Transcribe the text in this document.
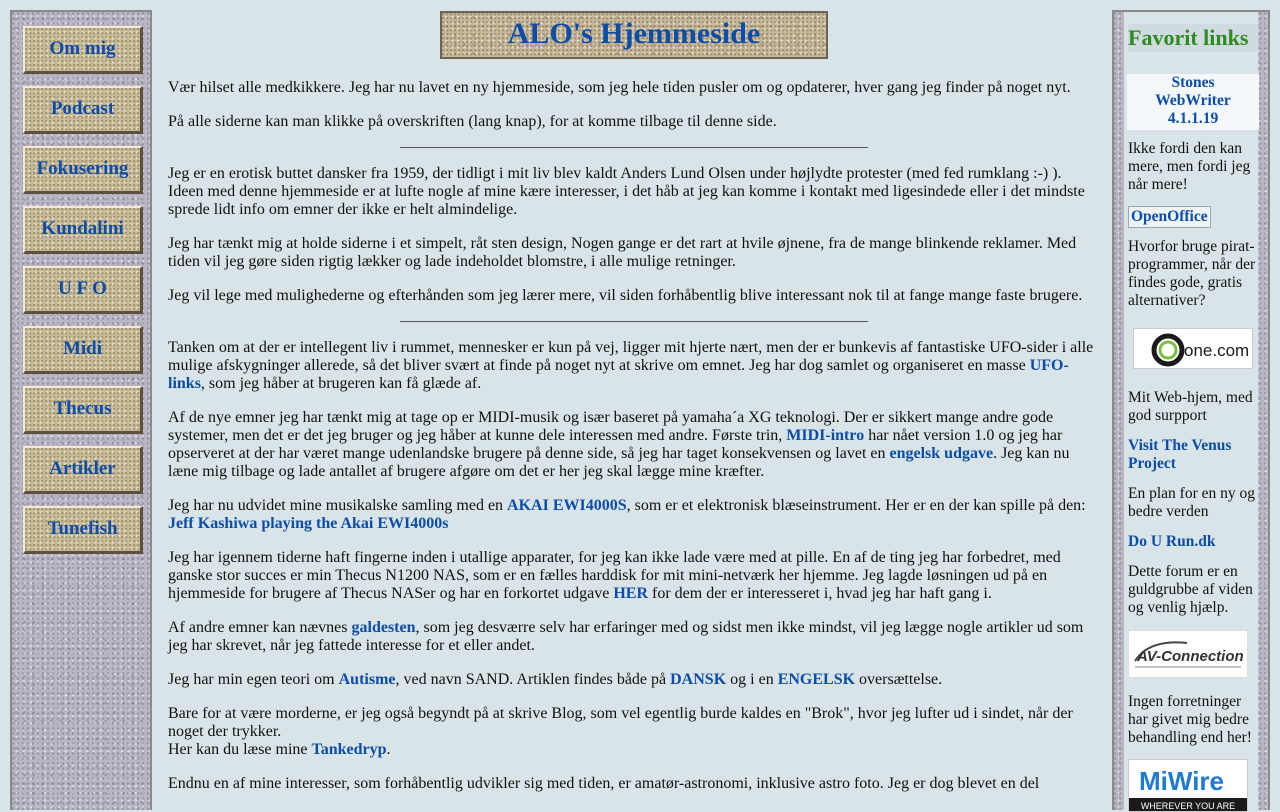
Om mig
Podcast
Fokusering
Kundalini
U F O
Midi
Thecus
Artikler
Tunefish
ALO's Hjemmeside

Vær hilset alle medkikkere. Jeg har nu lavet en ny hjemmeside, som jeg hele tiden pusler om og opdaterer, hver gang jeg finder på noget nyt.

På alle siderne kan man klikke på overskriften (lang knap), for at komme tilbage til denne side.

Jeg er en erotisk buttet dansker fra 1959, der tidligt i mit liv blev kaldt Anders Lund Olsen under højlydte protester (med fed rumklang :-) ). Ideen med denne hjemmeside er at lufte nogle af mine kære interesser, i det håb at jeg kan komme i kontakt med ligesindede eller i det mindste sprede lidt info om emner der ikke er helt almindelige.

Jeg har tænkt mig at holde siderne i et simpelt, råt sten design, Nogen gange er det rart at hvile øjnene, fra de mange blinkende reklamer. Med tiden vil jeg gøre siden rigtig lækker og lade indeholdet blomstre, i alle mulige retninger.

Jeg vil lege med mulighederne og efterhånden som jeg lærer mere, vil siden forhåbentlig blive interessant nok til at fange mange faste brugere.

Tanken om at der er intellegent liv i rummet, mennesker er kun på vej, ligger mit hjerte nært, men der er bunkevis af fantastiske UFO-sider i alle mulige afskygninger allerede, så det bliver svært at finde på noget nyt at skrive om emnet. Jeg har dog samlet og organiseret en masse UFO-links, som jeg håber at brugeren kan få glæde af.

Af de nye emner jeg har tænkt mig at tage op er MIDI-musik og især baseret på yamaha´a XG teknologi. Der er sikkert mange andre gode systemer, men det er det jeg bruger og jeg håber at kunne dele interessen med andre. Første trin, MIDI-intro har nået version 1.0 og jeg har opserveret at der har været mange udenlandske brugere på denne side, så jeg har taget konsekvensen og lavet en engelsk udgave. Jeg kan nu læne mig tilbage og lade antallet af brugere afgøre om det er her jeg skal lægge mine kræfter.

Jeg har nu udvidet mine musikalske samling med en AKAI EWI4000S, som er et elektronisk blæseinstrument. Her er en der kan spille på den:
Jeff Kashiwa playing the Akai EWI4000s

Jeg har igennem tiderne haft fingerne inden i utallige apparater, for jeg kan ikke lade være med at pille. En af de ting jeg har forbedret, med ganske stor succes er min Thecus N1200 NAS, som er en fælles harddisk for mit mini-netværk her hjemme. Jeg lagde løsningen ud på en hjemmeside for brugere af Thecus NASer og har en forkortet udgave HER for dem der er interesseret i, hvad jeg har haft gang i.

Af andre emner kan nævnes galdesten, som jeg desværre selv har erfaringer med og sidst men ikke mindst, vil jeg lægge nogle artikler ud som jeg har skrevet, når jeg fattede interesse for et eller andet.

Jeg har min egen teori om Autisme, ved navn SAND. Artiklen findes både på DANSK og i en ENGELSK oversættelse.

Bare for at være morderne, er jeg også begyndt på at skrive Blog, som vel egentlig burde kaldes en "Brok", hvor jeg lufter ud i sindet, når der noget der trykker.
Her kan du læse mine Tankedryp.

Endnu en af mine interesser, som forhåbentlig udvikler sig med tiden, er amatør-astronomi, inklusive astro foto. Jeg er dog blevet en del

Favorit links
Stones
WebWriter
4.1.1.19

Ikke fordi den kan mere, men fordi jeg når mere!

OpenOffice

Hvorfor bruge pirat- programmer, når der findes gode, gratis alternativer?

one.com

Mit Web-hjem, med god surpport

Visit The Venus Project

En plan for en ny og bedre verden

Do U Run.dk

Dette forum er en guldgrubbe af viden og venlig hjælp.

AV-Connection

Ingen forretninger har givet mig bedre behandling end her!

MiWire
WHEREVER YOU ARE
